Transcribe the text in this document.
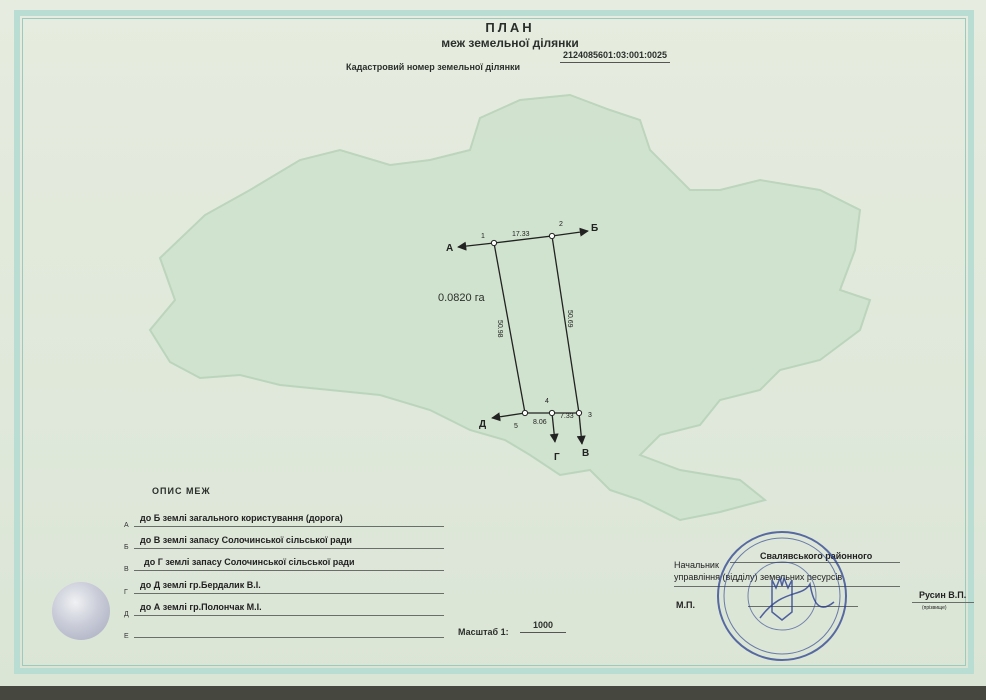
ПЛАН
меж земельної ділянки
Кадастровий номер земельної ділянки
2124085601:03:001:0025
1
2
3
4
5
А
Б
В
Г
Д
17.33
50.98
50.69
8.06
7.33
0.0820 га
ОПИС МЕЖ
А
до Б землі загального користування (дорога)
Б
до В землі запасу Солочинської сільської ради
В
до Г землі запасу Солочинської сільської ради
Г
до Д землі гр.Бердалик В.І.
Д
до А землі гр.Полончак М.І.
Е	Масштаб 1:
1000
Начальник
Свалявського районного
управління (відділу) земельних ресурсів
М.П.
Русин В.П.
(прізвище)
